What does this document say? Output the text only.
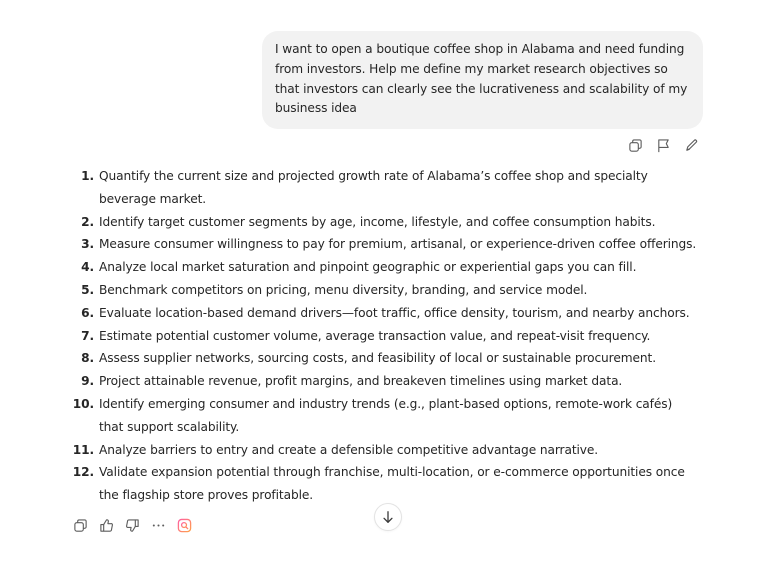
I want to open a boutique coffee shop in Alabama and need funding from investors. Help me define my market research objectives so that investors can clearly see the lucrativeness and scalability of my business idea
1. Quantify the current size and projected growth rate of Alabama’s coffee shop and specialty beverage market.
2. Identify target customer segments by age, income, lifestyle, and coffee consumption habits.
3. Measure consumer willingness to pay for premium, artisanal, or experience-driven coffee offerings.
4. Analyze local market saturation and pinpoint geographic or experiential gaps you can fill.
5. Benchmark competitors on pricing, menu diversity, branding, and service model.
6. Evaluate location-based demand drivers—foot traffic, office density, tourism, and nearby anchors.
7. Estimate potential customer volume, average transaction value, and repeat-visit frequency.
8. Assess supplier networks, sourcing costs, and feasibility of local or sustainable procurement.
9. Project attainable revenue, profit margins, and breakeven timelines using market data.
10. Identify emerging consumer and industry trends (e.g., plant-based options, remote-work cafés) that support scalability.
11. Analyze barriers to entry and create a defensible competitive advantage narrative.
12. Validate expansion potential through franchise, multi-location, or e-commerce opportunities once the flagship store proves profitable.
